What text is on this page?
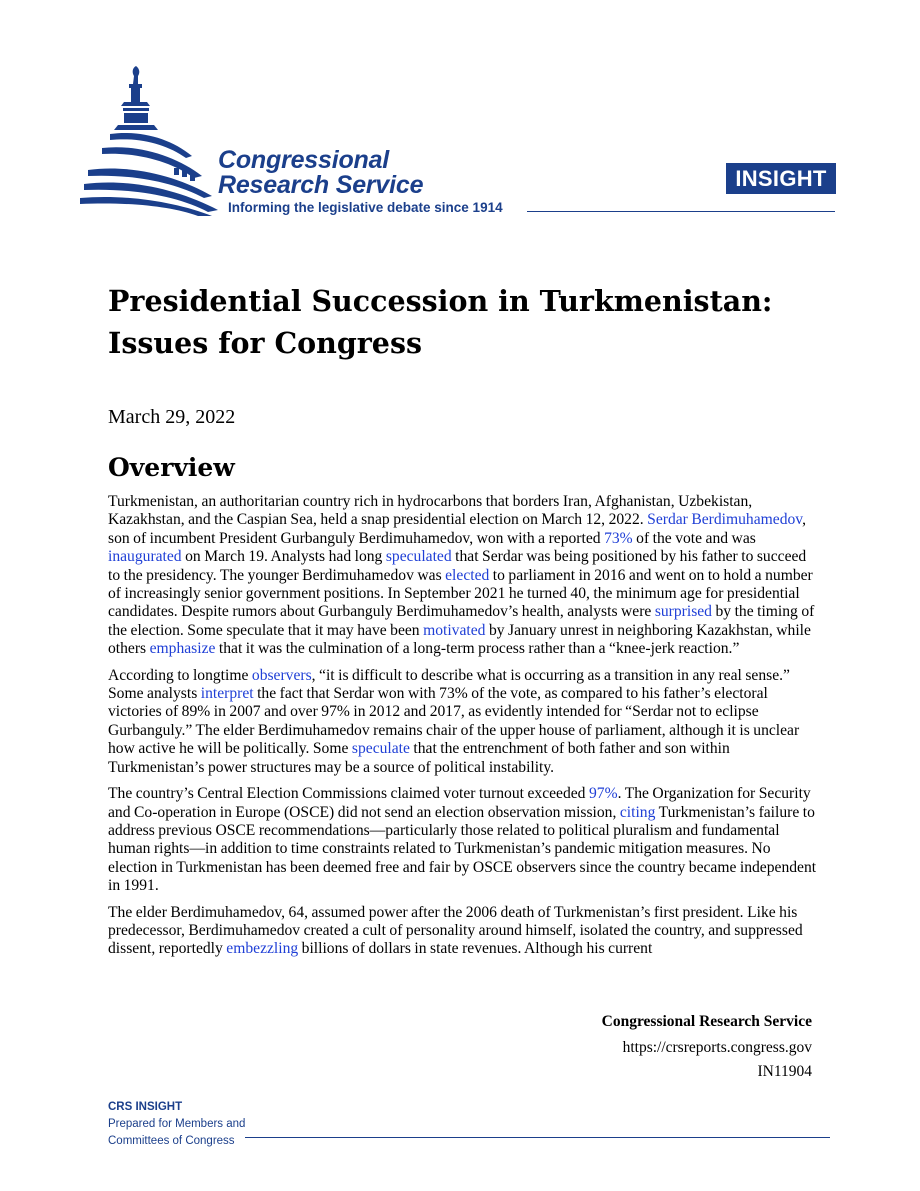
Congressional
Research Service
Informing the legislative debate since 1914
INSIGHT
Presidential Succession in Turkmenistan: Issues for Congress
March 29, 2022
Overview

Turkmenistan, an authoritarian country rich in hydrocarbons that borders Iran, Afghanistan, Uzbekistan, Kazakhstan, and the Caspian Sea, held a snap presidential election on March 12, 2022. Serdar Berdimuhamedov, son of incumbent President Gurbanguly Berdimuhamedov, won with a reported 73% of the vote and was inaugurated on March 19. Analysts had long speculated that Serdar was being positioned by his father to succeed to the presidency. The younger Berdimuhamedov was elected to parliament in 2016 and went on to hold a number of increasingly senior government positions. In September 2021 he turned 40, the minimum age for presidential candidates. Despite rumors about Gurbanguly Berdimuhamedov’s health, analysts were surprised by the timing of the election. Some speculate that it may have been motivated by January unrest in neighboring Kazakhstan, while others emphasize that it was the culmination of a long-term process rather than a “knee-jerk reaction.”

According to longtime observers, “it is difficult to describe what is occurring as a transition in any real sense.” Some analysts interpret the fact that Serdar won with 73% of the vote, as compared to his father’s electoral victories of 89% in 2007 and over 97% in 2012 and 2017, as evidently intended for “Serdar not to eclipse Gurbanguly.” The elder Berdimuhamedov remains chair of the upper house of parliament, although it is unclear how active he will be politically. Some speculate that the entrenchment of both father and son within Turkmenistan’s power structures may be a source of political instability.

The country’s Central Election Commissions claimed voter turnout exceeded 97%. The Organization for Security and Co-operation in Europe (OSCE) did not send an election observation mission, citing Turkmenistan’s failure to address previous OSCE recommendations—particularly those related to political pluralism and fundamental human rights—in addition to time constraints related to Turkmenistan’s pandemic mitigation measures. No election in Turkmenistan has been deemed free and fair by OSCE observers since the country became independent in 1991.

The elder Berdimuhamedov, 64, assumed power after the 2006 death of Turkmenistan’s first president. Like his predecessor, Berdimuhamedov created a cult of personality around himself, isolated the country, and suppressed dissent, reportedly embezzling billions of dollars in state revenues. Although his current

Congressional Research Service
https://crsreports.congress.gov
IN11904
CRS INSIGHT
Prepared for Members and
Committees of Congress
